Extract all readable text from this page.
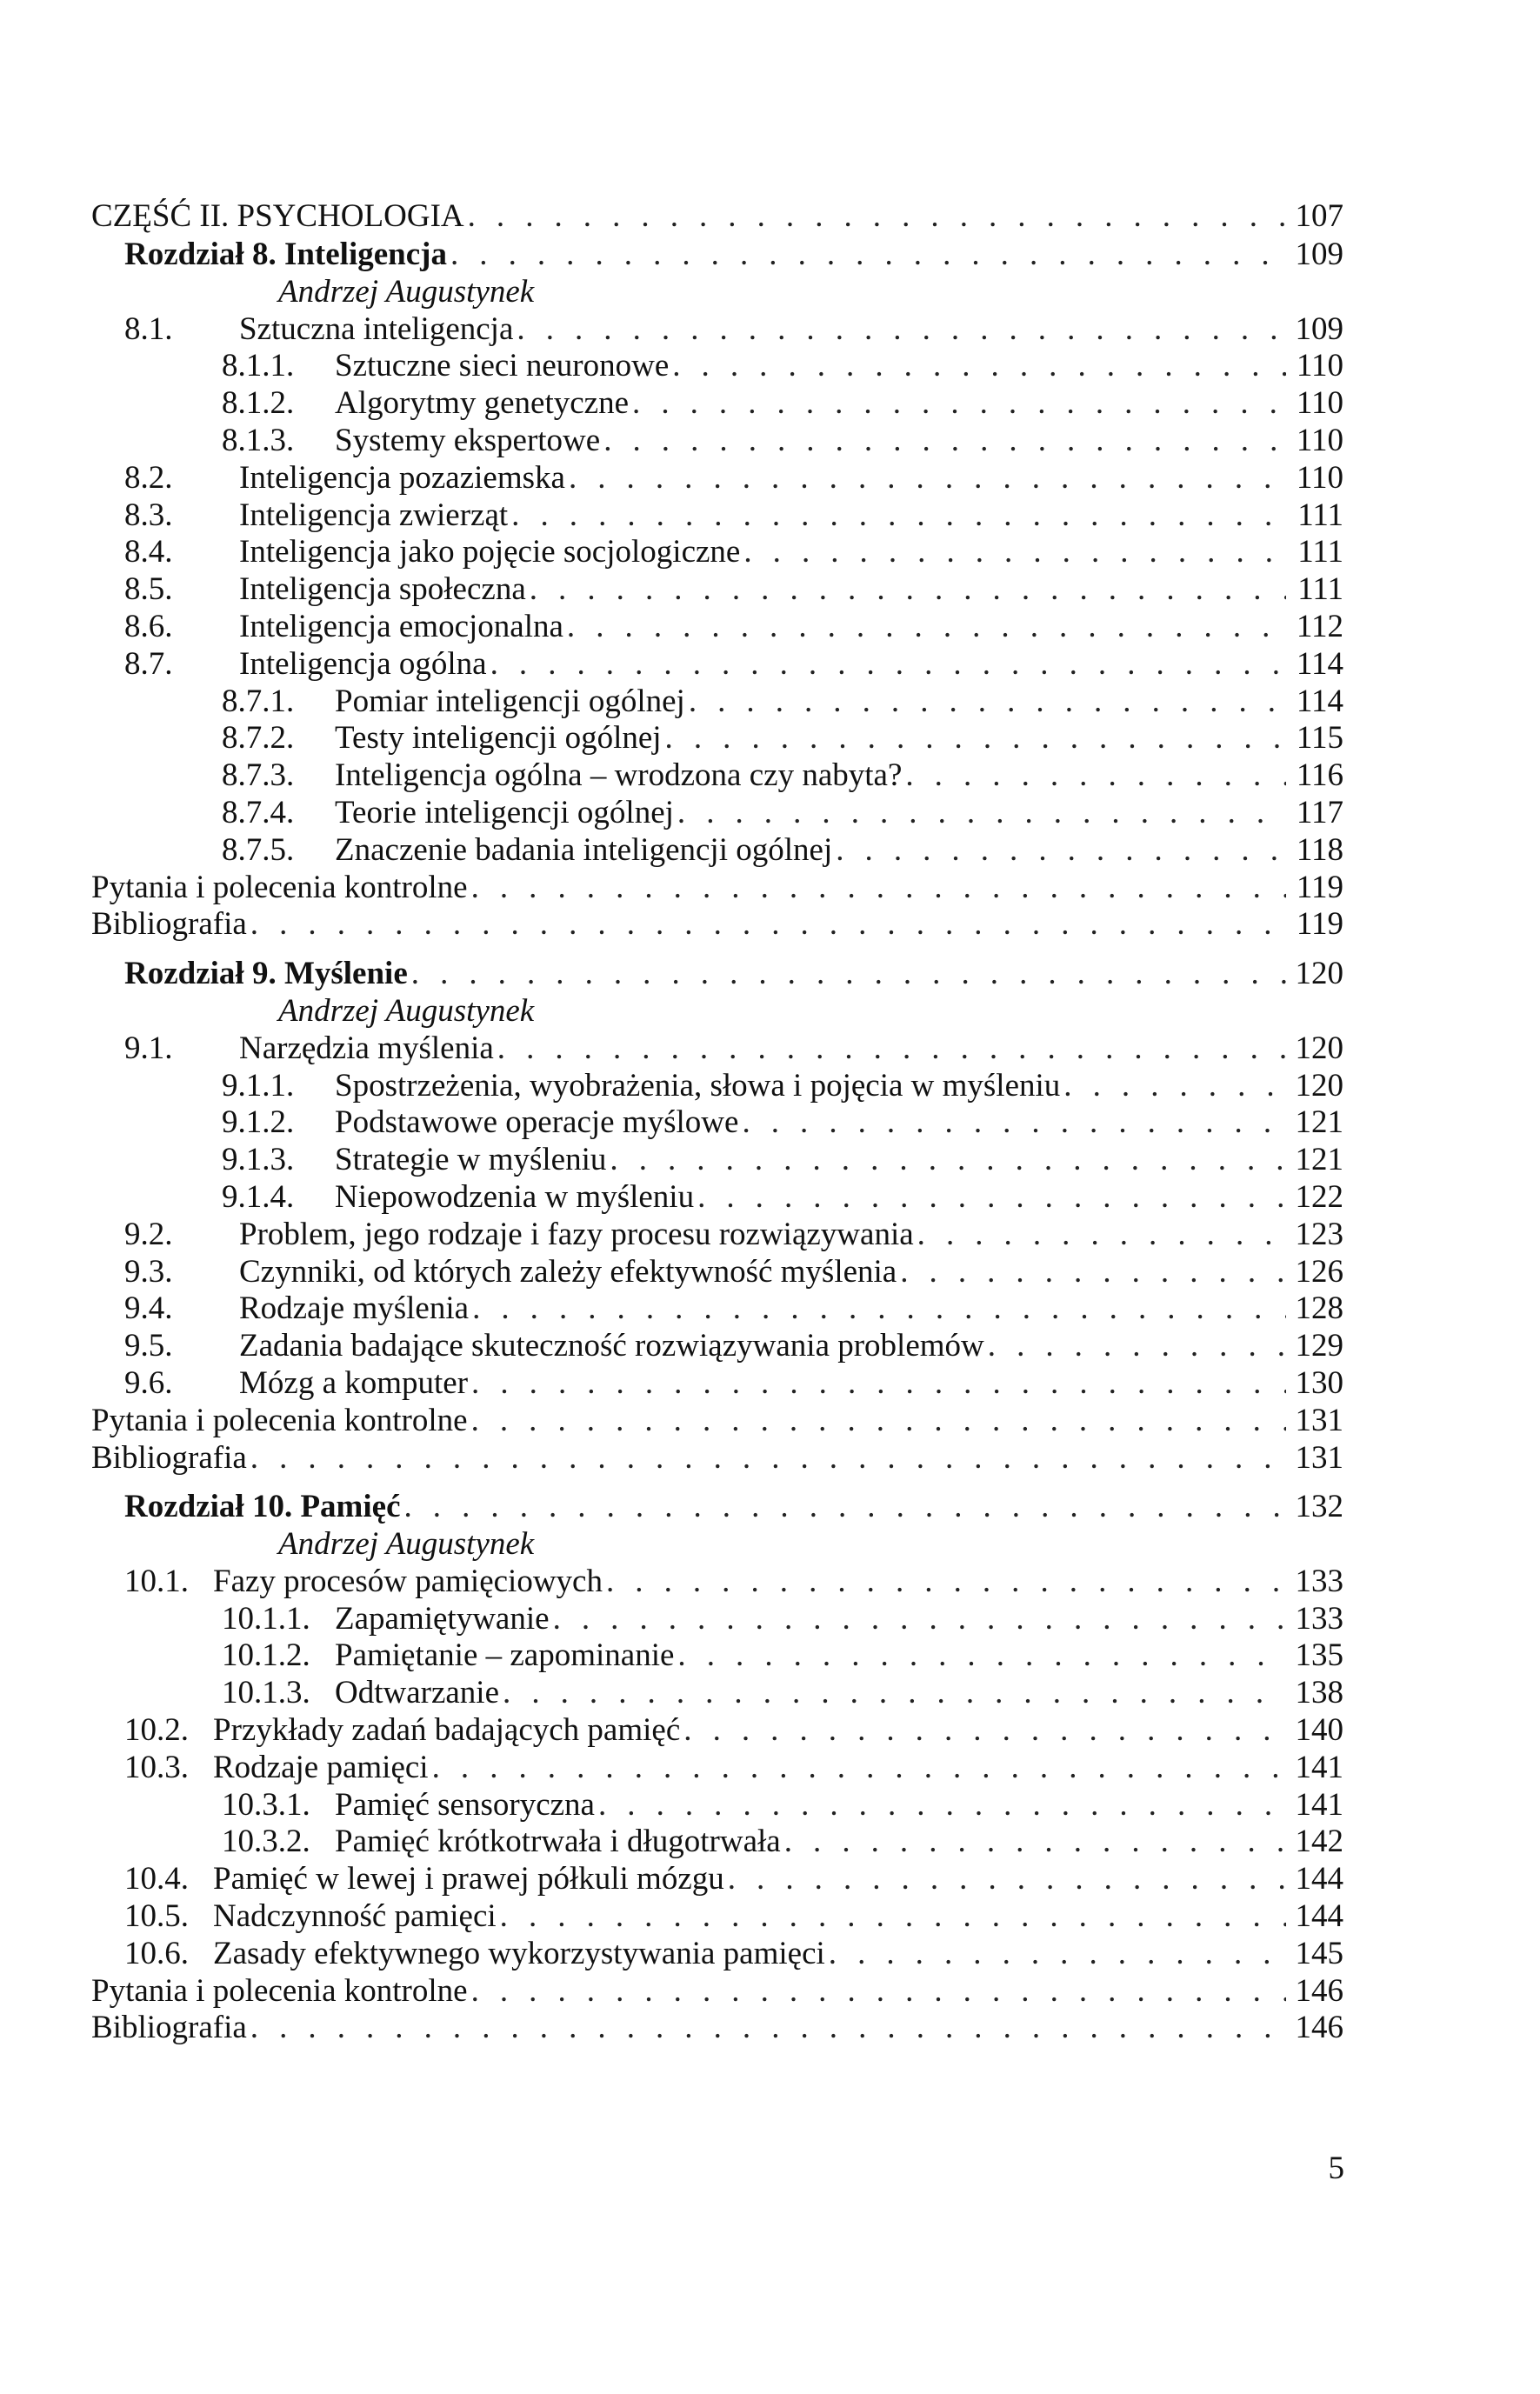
CZĘŚĆ II. PSYCHOLOGIA . . .	107
Rozdział 8.
Inteligencja . . .	109
Andrzej Augustynek
8.1.	Sztuczna inteligencja . . .	109
8.1.1.	Sztuczne sieci neuronowe . . .	110
8.1.2.	Algorytmy genetyczne . . .	110
8.1.3.	Systemy ekspertowe . . .	110
8.2.	Inteligencja pozaziemska . . .	110
8.3.	Inteligencja zwierząt . . .	111
8.4.	Inteligencja jako pojęcie socjologiczne . . .	111
8.5.	Inteligencja społeczna . . .	111
8.6.	Inteligencja emocjonalna . . .	112
8.7.	Inteligencja ogólna . . .	114
8.7.1.	Pomiar inteligencji ogólnej . . .	114
8.7.2.	Testy inteligencji ogólnej . . .	115
8.7.3.	Inteligencja ogólna – wrodzona czy nabyta? . . .	116
8.7.4.	Teorie inteligencji ogólnej . . .	117
8.7.5.	Znaczenie badania inteligencji ogólnej . . .	118
Pytania i polecenia kontrolne . . .	119
Bibliografia . . .	119
Rozdział 9.
Myślenie . . .	120
Andrzej Augustynek
9.1.	Narzędzia myślenia . . .	120
9.1.1.	Spostrzeżenia, wyobrażenia, słowa i pojęcia w myśleniu . . .	120
9.1.2.	Podstawowe operacje myślowe . . .	121
9.1.3.	Strategie w myśleniu . . .	121
9.1.4.	Niepowodzenia w myśleniu . . .	122
9.2.	Problem, jego rodzaje i fazy procesu rozwiązywania . . .	123
9.3.	Czynniki, od których zależy efektywność myślenia . . .	126
9.4.	Rodzaje myślenia . . .	128
9.5.	Zadania badające skuteczność rozwiązywania problemów . . .	129
9.6.	Mózg a komputer . . .	130
Pytania i polecenia kontrolne . . .	131
Bibliografia . . .	131
Rozdział 10.
Pamięć . . .	132
Andrzej Augustynek
10.1. Fazy procesów pamięciowych . . .	133
10.1.1. Zapamiętywanie . . .	133
10.1.2. Pamiętanie – zapominanie . . .	135
10.1.3. Odtwarzanie . . .	138
10.2. Przykłady zadań badających pamięć . . .	140
10.3. Rodzaje pamięci . . .	141
10.3.1. Pamięć sensoryczna . . .	141
10.3.2. Pamięć krótkotrwała i długotrwała . . .	142
10.4. Pamięć w lewej i prawej półkuli mózgu . . .	144
10.5. Nadczynność pamięci . . .	144
10.6. Zasady efektywnego wykorzystywania pamięci . . .	145
Pytania i polecenia kontrolne . . .	146
Bibliografia . . .	146
5
